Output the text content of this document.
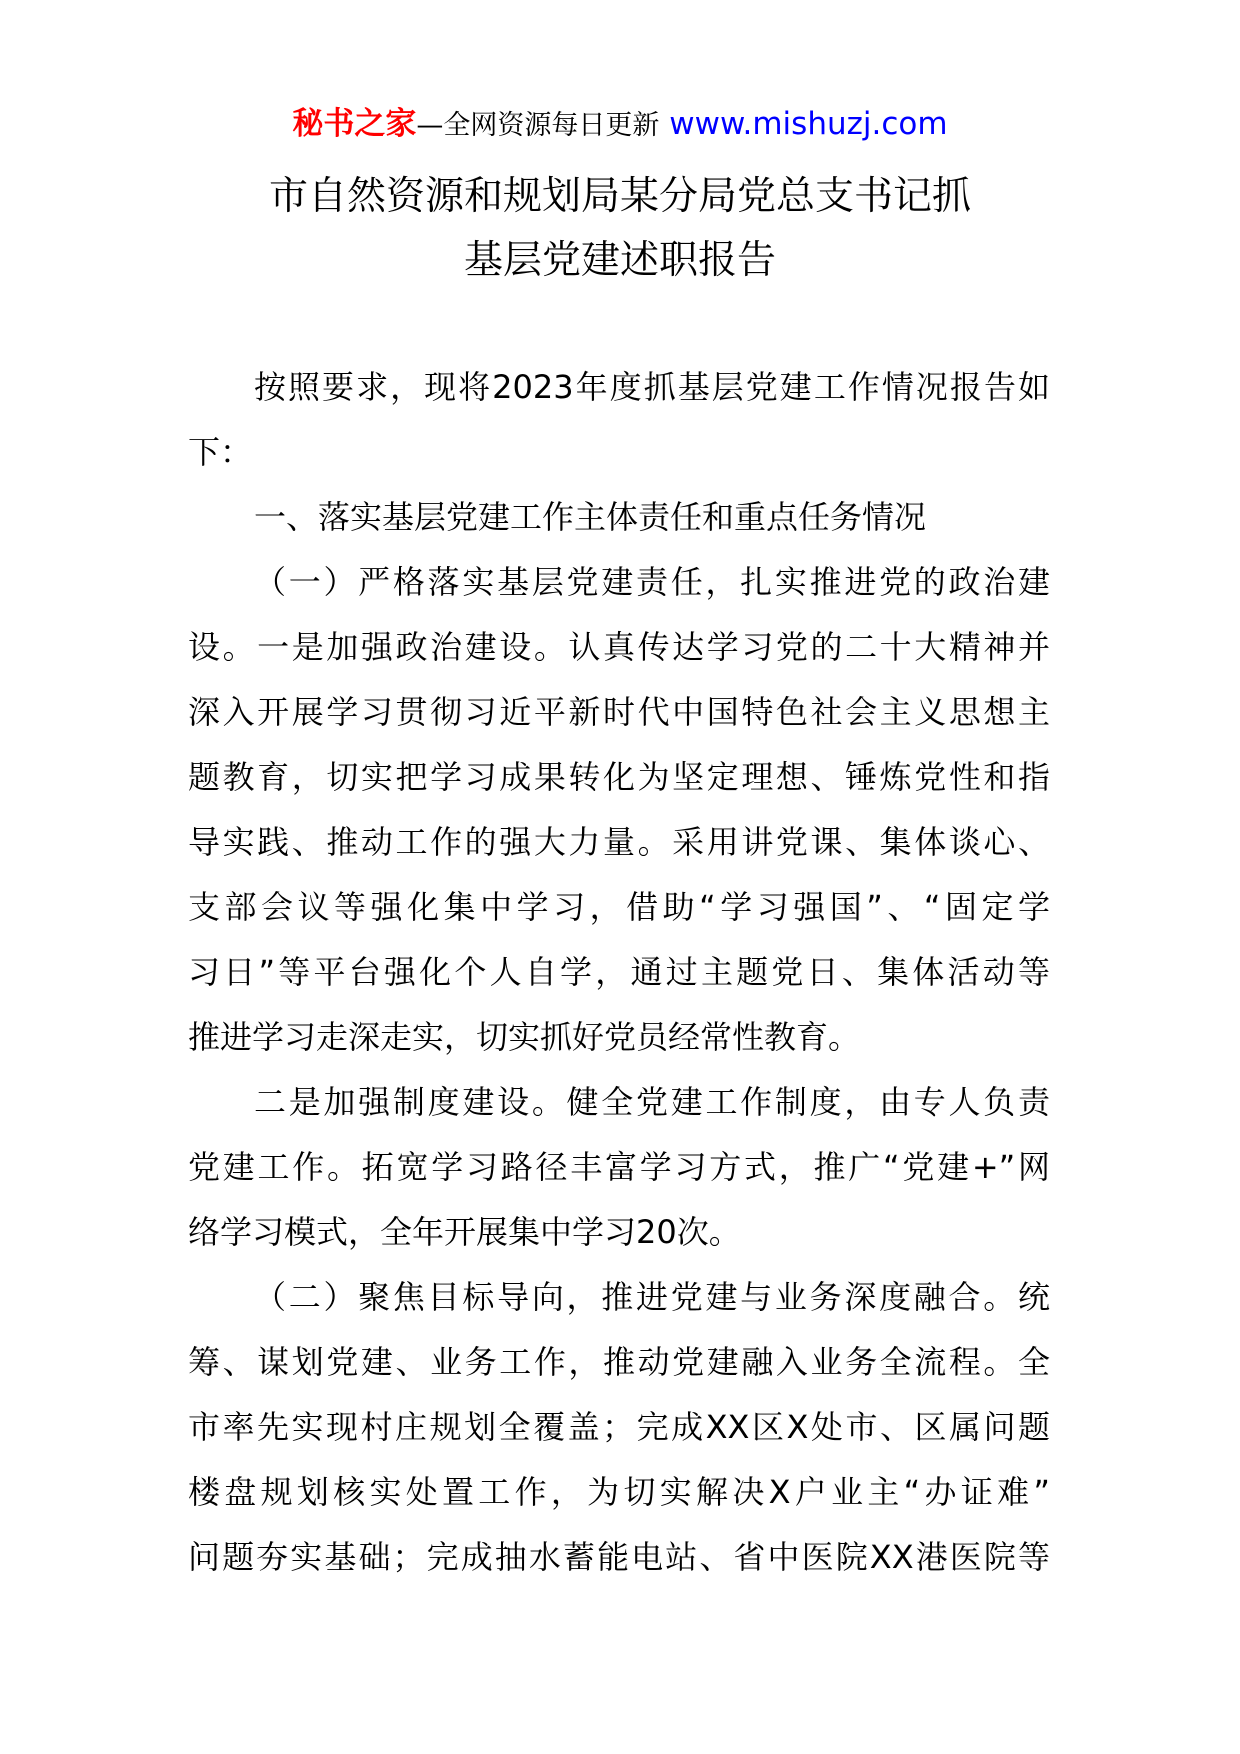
秘书之家—全网资源每日更新 www.mishuzj.com
市自然资源和规划局某分局党总支书记抓
基层党建述职报告
按照要求，现将2023年度抓基层党建工作情况报告如
下：
一、落实基层党建工作主体责任和重点任务情况
（一）严格落实基层党建责任，扎实推进党的政治建
设。一是加强政治建设。认真传达学习党的二十大精神并
深入开展学习贯彻习近平新时代中国特色社会主义思想主
题教育，切实把学习成果转化为坚定理想、锤炼党性和指
导实践、推动工作的强大力量。采用讲党课、集体谈心、
支部会议等强化集中学习，借助“学习强国”、“固定学
习日”等平台强化个人自学，通过主题党日、集体活动等
推进学习走深走实，切实抓好党员经常性教育。
二是加强制度建设。健全党建工作制度，由专人负责
党建工作。拓宽学习路径丰富学习方式，推广“党建+”网
络学习模式，全年开展集中学习20次。
（二）聚焦目标导向，推进党建与业务深度融合。统
筹、谋划党建、业务工作，推动党建融入业务全流程。全
市率先实现村庄规划全覆盖；完成XX区X处市、区属问题
楼盘规划核实处置工作，为切实解决X户业主“办证难”
问题夯实基础；完成抽水蓄能电站、省中医院XX港医院等
